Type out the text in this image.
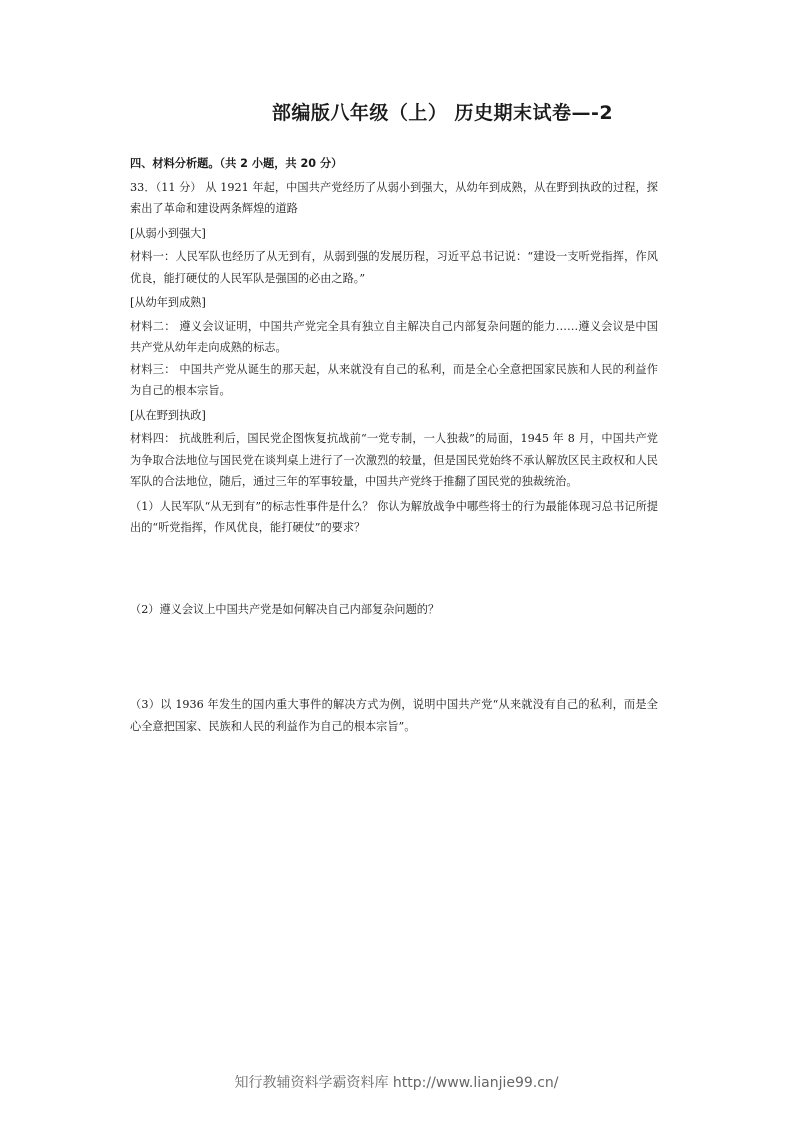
部编版八年级（上） 历史期末试卷—-2
四、材料分析题。（共 2 小题，共 20 分）

33．（11 分） 从 1921 年起，中国共产党经历了从弱小到强大，从幼年到成熟，从在野到执政的过程，探索出了革命和建设两条辉煌的道路

[从弱小到强大]

材料一：人民军队也经历了从无到有，从弱到强的发展历程，习近平总书记说：“建设一支听党指挥，作风优良，能打硬仗的人民军队是强国的必由之路。”

[从幼年到成熟]

材料二： 遵义会议证明，中国共产党完全具有独立自主解决自己内部复杂问题的能力……遵义会议是中国共产党从幼年走向成熟的标志。

材料三： 中国共产党从诞生的那天起，从来就没有自己的私利，而是全心全意把国家民族和人民的利益作为自己的根本宗旨。

[从在野到执政]

材料四： 抗战胜利后，国民党企图恢复抗战前“一党专制，一人独裁”的局面，1945 年 8 月，中国共产党为争取合法地位与国民党在谈判桌上进行了一次激烈的较量，但是国民党始终不承认解放区民主政权和人民军队的合法地位，随后，通过三年的军事较量，中国共产党终于推翻了国民党的独裁统治。

（1）人民军队“从无到有”的标志性事件是什么？ 你认为解放战争中哪些将士的行为最能体现习总书记所提出的“听党指挥，作风优良，能打硬仗”的要求？

（2）遵义会议上中国共产党是如何解决自己内部复杂问题的？

（3）以 1936 年发生的国内重大事件的解决方式为例，说明中国共产党“从来就没有自己的私利，而是全心全意把国家、民族和人民的利益作为自己的根本宗旨”。

知行教辅资料学霸资料库 http://www.lianjie99.cn/
